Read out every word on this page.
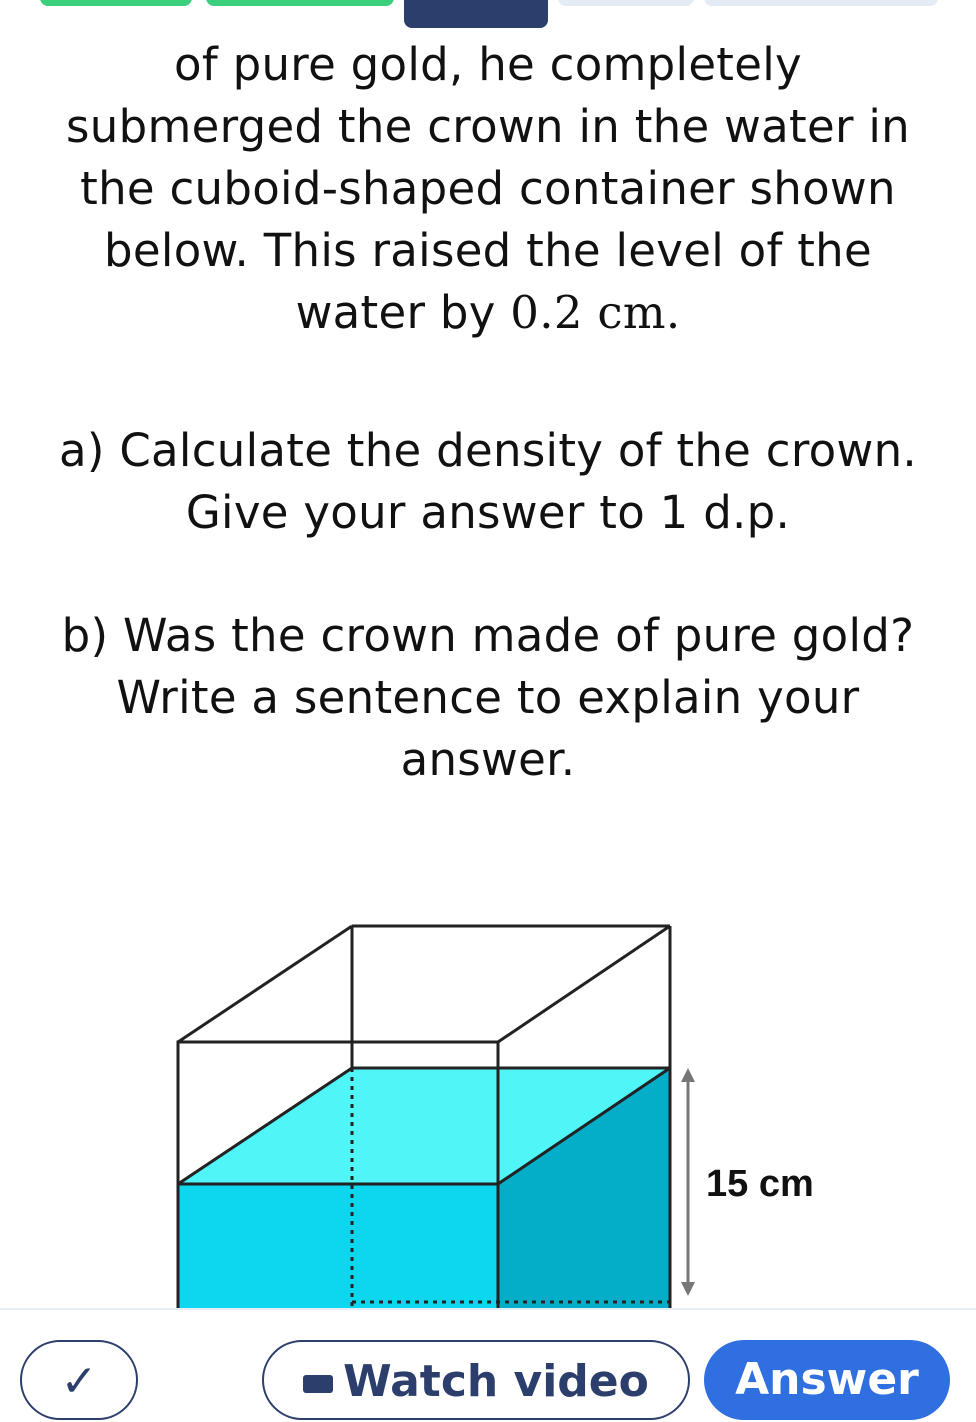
of pure gold, he completely

submerged the crown in the water in

the cuboid-shaped container shown

below. This raised the level of the

water by 0.2 cm.

a) Calculate the density of the crown.

Give your answer to 1 d.p.

b) Was the crown made of pure gold?

Write a sentence to explain your

answer.

15 cm
✓	Watch video	Answer
